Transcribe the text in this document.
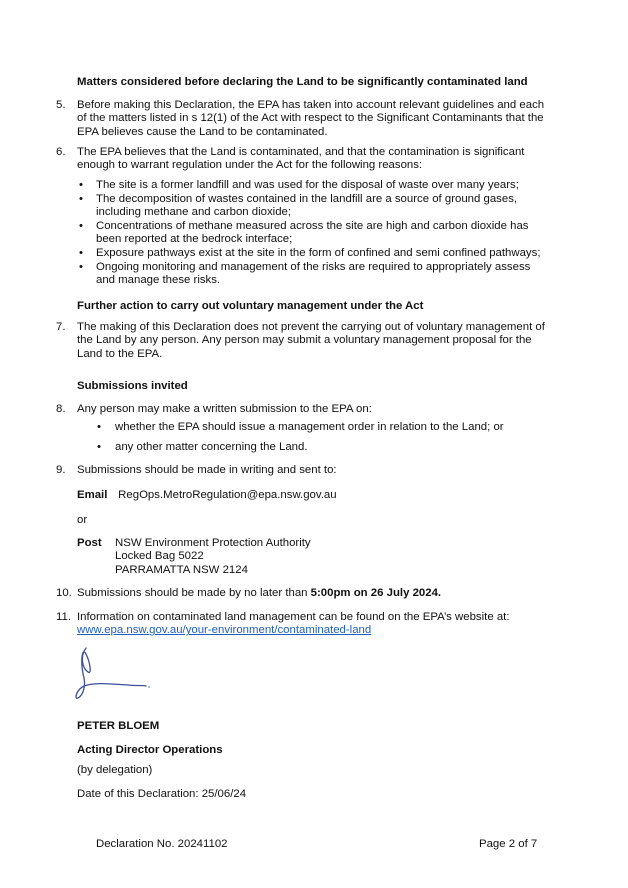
Matters considered before declaring the Land to be significantly contaminated land
5.	Before making this Declaration, the EPA has taken into account relevant guidelines and each of the matters listed in s 12(1) of the Act with respect to the Significant Contaminants that the EPA believes cause the Land to be contaminated.
6.	The EPA believes that the Land is contaminated, and that the contamination is significant enough to warrant regulation under the Act for the following reasons:
• The site is a former landfill and was used for the disposal of waste over many years;
• The decomposition of wastes contained in the landfill are a source of ground gases, including methane and carbon dioxide;
• Concentrations of methane measured across the site are high and carbon dioxide has been reported at the bedrock interface;
• Exposure pathways exist at the site in the form of confined and semi confined pathways;
• Ongoing monitoring and management of the risks are required to appropriately assess and manage these risks.
Further action to carry out voluntary management under the Act
7.	The making of this Declaration does not prevent the carrying out of voluntary management of the Land by any person. Any person may submit a voluntary management proposal for the Land to the EPA.
Submissions invited
8.	Any person may make a written submission to the EPA on:
• whether the EPA should issue a management order in relation to the Land; or
• any other matter concerning the Land.
9.	Submissions should be made in writing and sent to:
Email RegOps.MetroRegulation@epa.nsw.gov.au
or
Post NSW Environment Protection Authority
Locked Bag 5022
PARRAMATTA NSW 2124
10. Submissions should be made by no later than 5:00pm on 26 July 2024.
11. Information on contaminated land management can be found on the EPA’s website at:
www.epa.nsw.gov.au/your-environment/contaminated-land
PETER BLOEM
Acting Director Operations
(by delegation)
Date of this Declaration: 25/06/24
Declaration No. 20241102	Page 2 of 7
